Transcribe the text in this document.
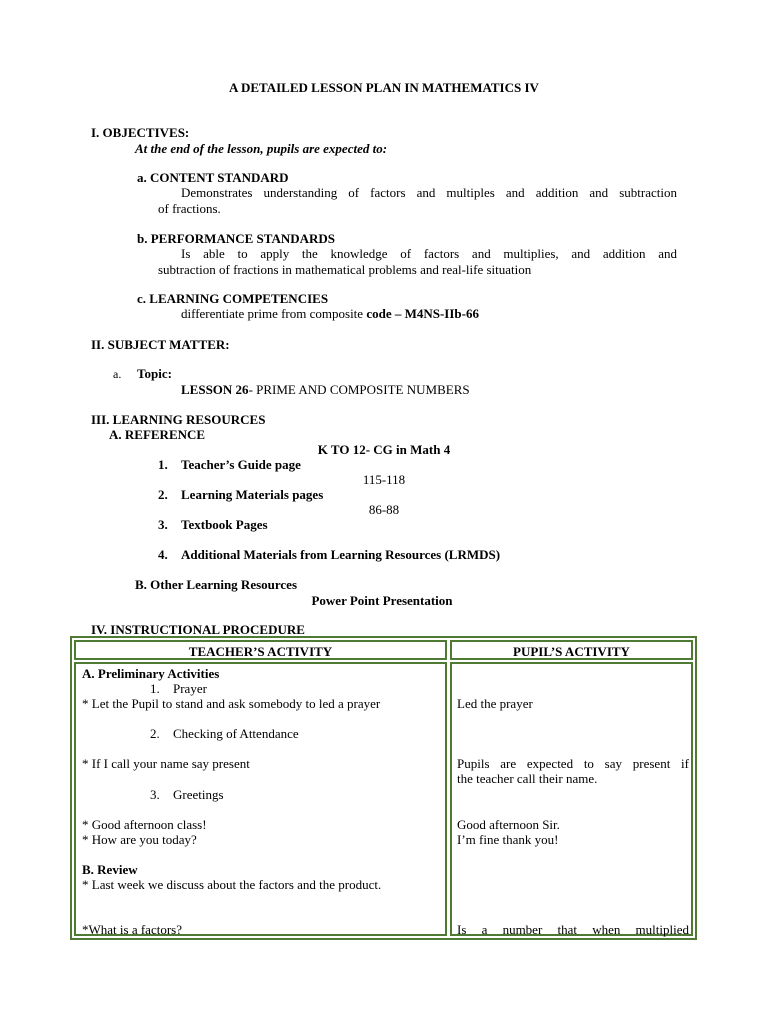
A DETAILED LESSON PLAN IN MATHEMATICS IV
I. OBJECTIVES:
At the end of the lesson, pupils are expected to:
a. CONTENT STANDARD
Demonstrates understanding of factors and multiples and addition and subtraction
of fractions.
b. PERFORMANCE STANDARDS
Is able to apply the knowledge of factors and multiplies, and addition and
subtraction of fractions in mathematical problems and real-life situation
c. LEARNING COMPETENCIES
differentiate prime from composite code – M4NS-IIb-66
II. SUBJECT MATTER:
a. Topic:
LESSON 26- PRIME AND COMPOSITE NUMBERS
III. LEARNING RESOURCES
A. REFERENCE
K TO 12- CG in Math 4
1. Teacher’s Guide page
115-118
2. Learning Materials pages
86-88
3. Textbook Pages
4. Additional Materials from Learning Resources (LRMDS)
B. Other Learning Resources
Power Point Presentation
IV. INSTRUCTIONAL PROCEDURE
TEACHER’S ACTIVITY	PUPIL’S ACTIVITY
A. Preliminary Activities
1. Prayer
* Let the Pupil to stand and ask somebody to led a prayer
2. Checking of Attendance
* If I call your name say present
3. Greetings
* Good afternoon class!
* How are you today?
B. Review
* Last week we discuss about the factors and the product.
*What is a factors?
Led the prayer
Pupils are expected to say present if
the teacher call their name.
Good afternoon Sir.
I’m fine thank you!
Is a number that when multiplied
